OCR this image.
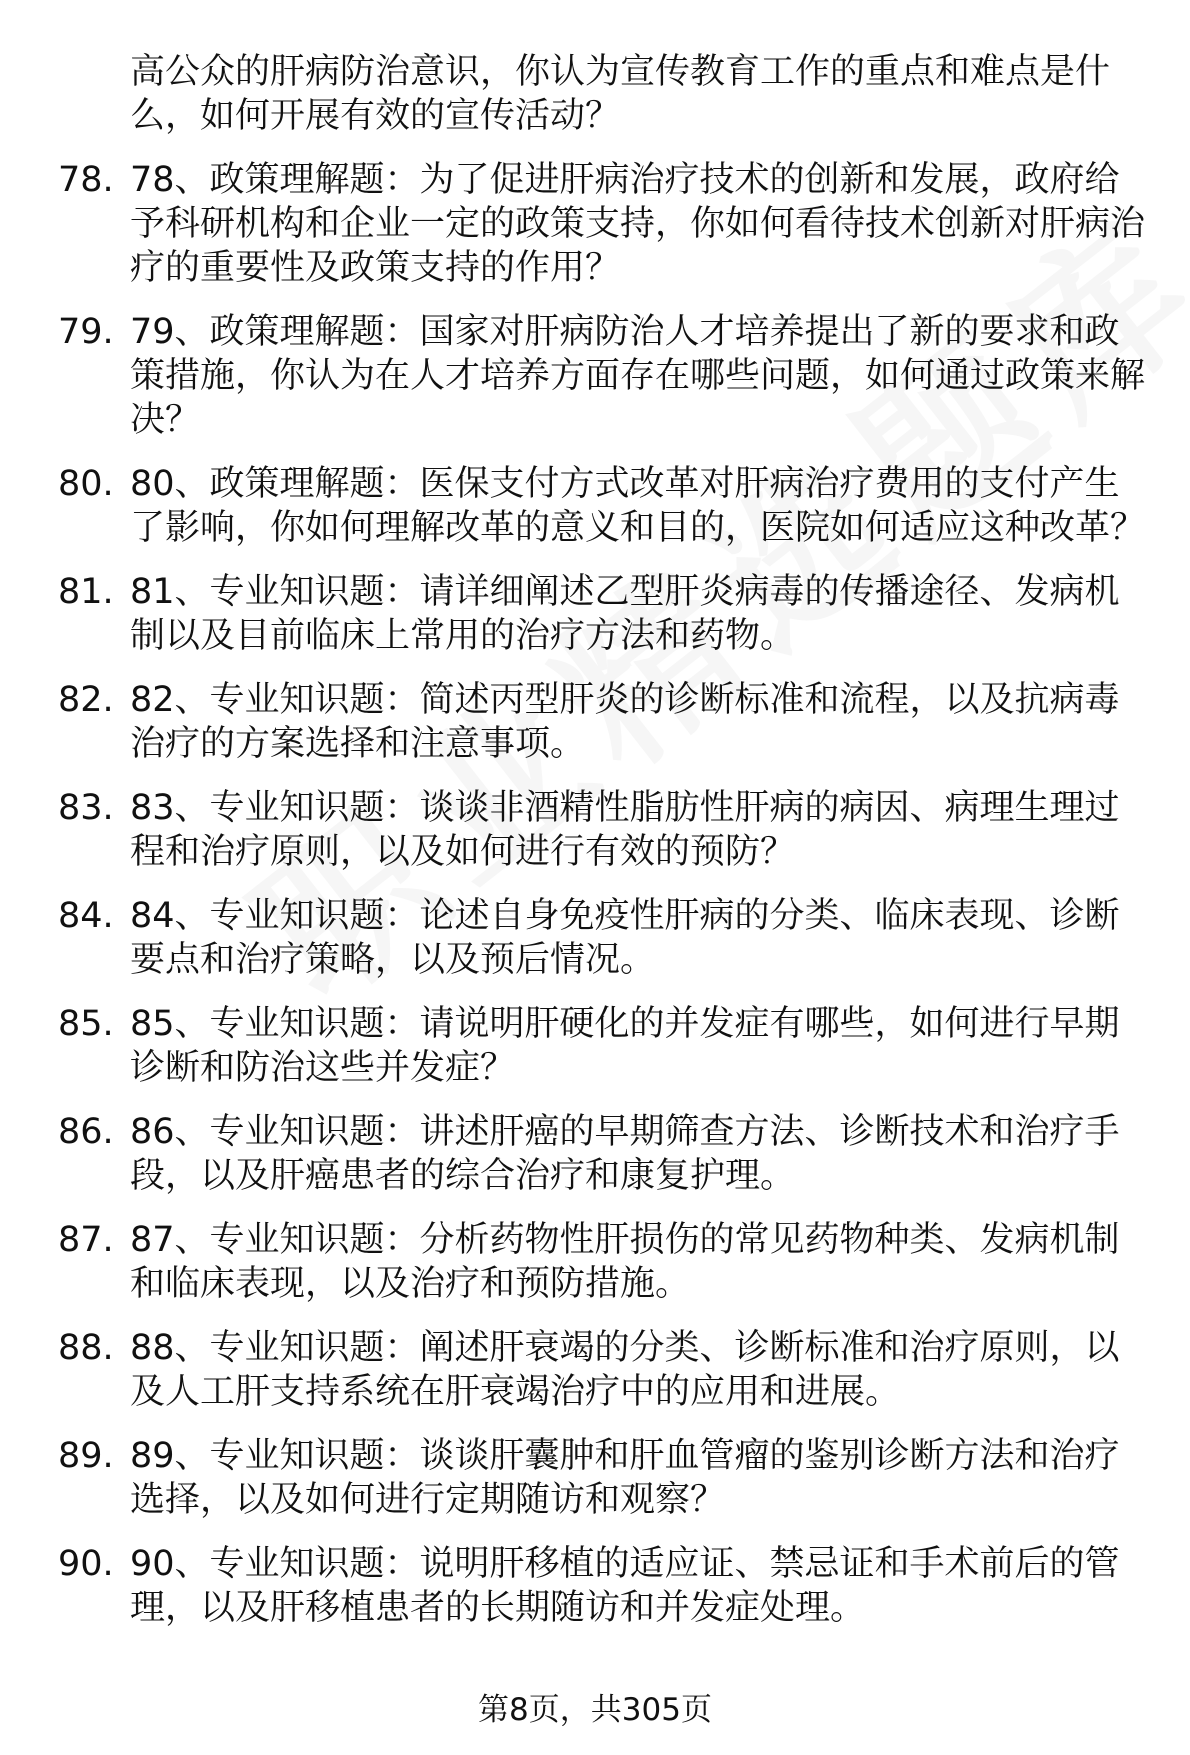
高公众的肝病防治意识，你认为宣传教育工作的重点和难点是什么，如何开展有效的宣传活动？
78. 78、政策理解题：为了促进肝病治疗技术的创新和发展，政府给予科研机构和企业一定的政策支持，你如何看待技术创新对肝病治疗的重要性及政策支持的作用？
79. 79、政策理解题：国家对肝病防治人才培养提出了新的要求和政策措施，你认为在人才培养方面存在哪些问题，如何通过政策来解决？
80. 80、政策理解题：医保支付方式改革对肝病治疗费用的支付产生了影响，你如何理解改革的意义和目的，医院如何适应这种改革？
81. 81、专业知识题：请详细阐述乙型肝炎病毒的传播途径、发病机制以及目前临床上常用的治疗方法和药物。
82. 82、专业知识题：简述丙型肝炎的诊断标准和流程，以及抗病毒治疗的方案选择和注意事项。
83. 83、专业知识题：谈谈非酒精性脂肪性肝病的病因、病理生理过程和治疗原则，以及如何进行有效的预防？
84. 84、专业知识题：论述自身免疫性肝病的分类、临床表现、诊断要点和治疗策略，以及预后情况。
85. 85、专业知识题：请说明肝硬化的并发症有哪些，如何进行早期诊断和防治这些并发症？
86. 86、专业知识题：讲述肝癌的早期筛查方法、诊断技术和治疗手段，以及肝癌患者的综合治疗和康复护理。
87. 87、专业知识题：分析药物性肝损伤的常见药物种类、发病机制和临床表现，以及治疗和预防措施。
88. 88、专业知识题：阐述肝衰竭的分类、诊断标准和治疗原则，以及人工肝支持系统在肝衰竭治疗中的应用和进展。
89. 89、专业知识题：谈谈肝囊肿和肝血管瘤的鉴别诊断方法和治疗选择，以及如何进行定期随访和观察？
90. 90、专业知识题：说明肝移植的适应证、禁忌证和手术前后的管理，以及肝移植患者的长期随访和并发症处理。
第8页，共305页
